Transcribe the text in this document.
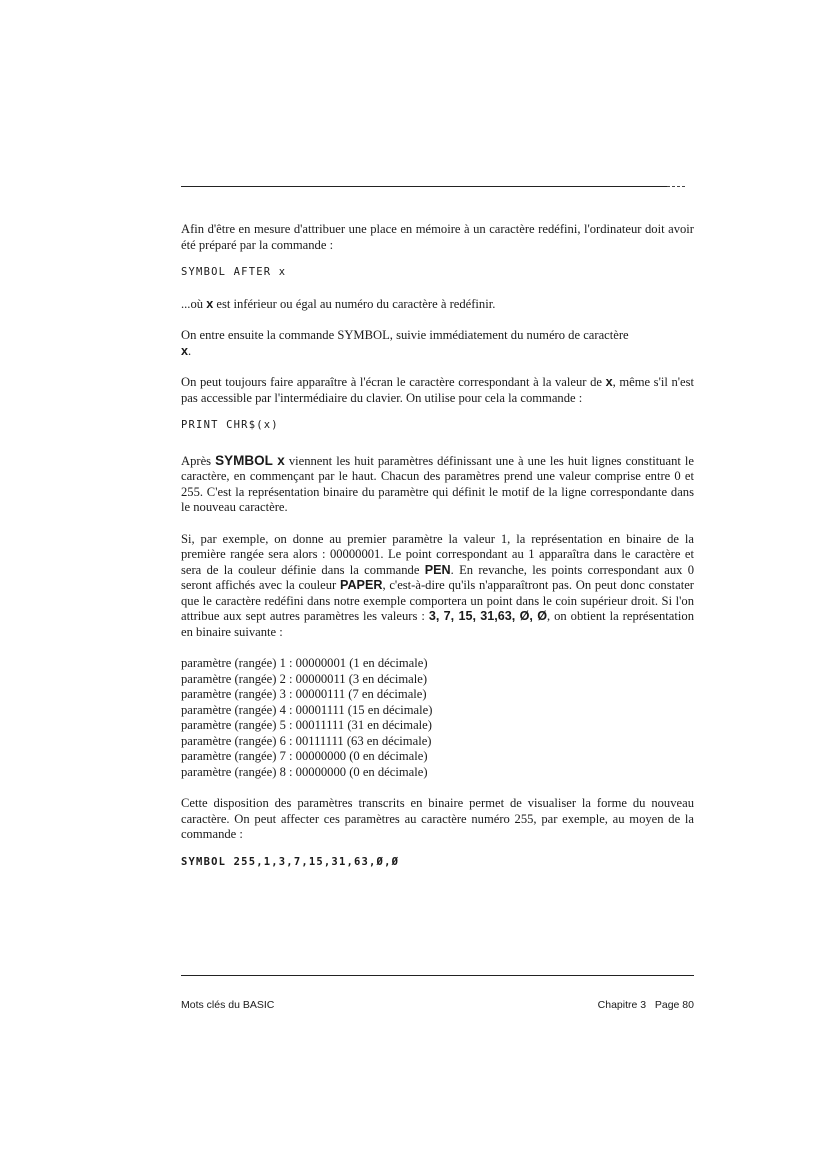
Afin d'être en mesure d'attribuer une place en mémoire à un caractère redéfini, l'ordinateur doit avoir été préparé par la commande :

SYMBOL AFTER x

...où x est inférieur ou égal au numéro du caractère à redéfinir.

On entre ensuite la commande SYMBOL, suivie immédiatement du numéro de caractère
x.

On peut toujours faire apparaître à l'écran le caractère correspondant à la valeur de x, même s'il n'est pas accessible par l'intermédiaire du clavier. On utilise pour cela la commande :

PRINT CHR$(x)

Après SYMBOL x viennent les huit paramètres définissant une à une les huit lignes constituant le caractère, en commençant par le haut. Chacun des paramètres prend une valeur comprise entre 0 et 255. C'est la représentation binaire du paramètre qui définit le motif de la ligne correspondante dans le nouveau caractère.

Si, par exemple, on donne au premier paramètre la valeur 1, la représentation en binaire de la première rangée sera alors : 00000001. Le point correspondant au 1 apparaîtra dans le caractère et sera de la couleur définie dans la commande PEN. En revanche, les points correspondant aux 0 seront affichés avec la couleur PAPER, c'est-à-dire qu'ils n'apparaîtront pas. On peut donc constater que le caractère redéfini dans notre exemple comportera un point dans le coin supérieur droit. Si l'on attribue aux sept autres paramètres les valeurs : 3, 7, 15, 31,63, Ø, Ø, on obtient la représentation en binaire suivante :

paramètre (rangée) 1 : 00000001 (1 en décimale)

paramètre (rangée) 2 : 00000011 (3 en décimale)

paramètre (rangée) 3 : 00000111 (7 en décimale)

paramètre (rangée) 4 : 00001111 (15 en décimale)

paramètre (rangée) 5 : 00011111 (31 en décimale)

paramètre (rangée) 6 : 00111111 (63 en décimale)

paramètre (rangée) 7 : 00000000 (0 en décimale)

paramètre (rangée) 8 : 00000000 (0 en décimale)

Cette disposition des paramètres transcrits en binaire permet de visualiser la forme du nouveau caractère. On peut affecter ces paramètres au caractère numéro 255, par exemple, au moyen de la commande :

SYMBOL 255,1,3,7,15,31,63,Ø,Ø

Mots clés du BASIC	Chapitre 3   Page 80
